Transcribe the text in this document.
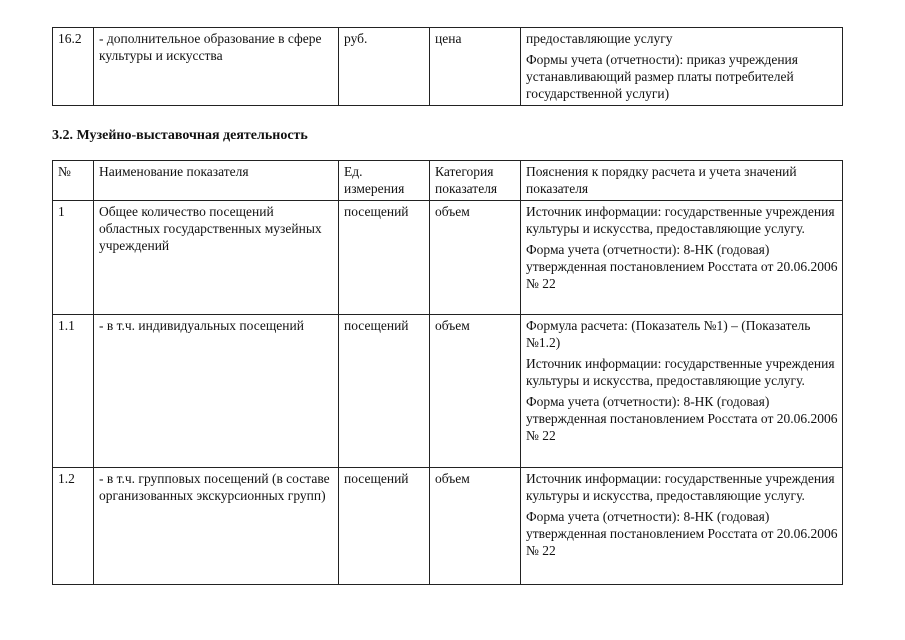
16.2	- дополнительное образование в сфере культуры и искусства	руб.	цена	предоставляющие услугу

Формы учета (отчетности): приказ учреждения устанавливающий размер платы потребителей государственной услуги)

3.2. Музейно-выставочная деятельность
№	Наименование показателя	Ед. измерения	Категория показателя	Пояснения к порядку расчета и учета значений показателя
1	Общее количество посещений областных государственных музейных учреждений	посещений	объем	Источник информации: государственные учреждения культуры и искусства, предоставляющие услугу.

Форма учета (отчетности): 8-НК (годовая) утвержденная постановлением Росстата от 20.06.2006 № 22

1.1	- в т.ч. индивидуальных посещений	посещений	объем	Формула расчета: (Показатель №1) – (Показатель №1.2)

Источник информации: государственные учреждения культуры и искусства, предоставляющие услугу.

Форма учета (отчетности): 8-НК (годовая) утвержденная постановлением Росстата от 20.06.2006 № 22

1.2	- в т.ч. групповых посещений (в составе организованных экскурсионных групп)	посещений	объем	Источник информации: государственные учреждения культуры и искусства, предоставляющие услугу.

Форма учета (отчетности): 8-НК (годовая) утвержденная постановлением Росстата от 20.06.2006 № 22
